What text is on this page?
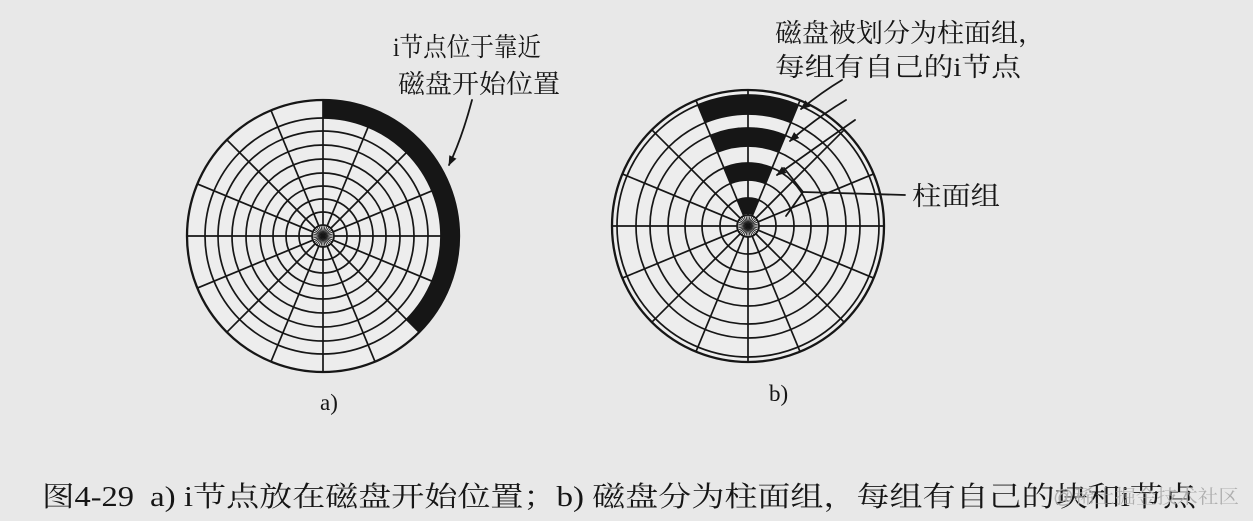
i节点位于靠近
磁盘开始位置
磁盘被划分为柱面组，
每组有自己的i节点
柱面组
a)	b)
图4-29 a) i节点放在磁盘开始位置；b) 磁盘分为柱面组，每组有自己的块和i节点 @稀土掘金技术社区
